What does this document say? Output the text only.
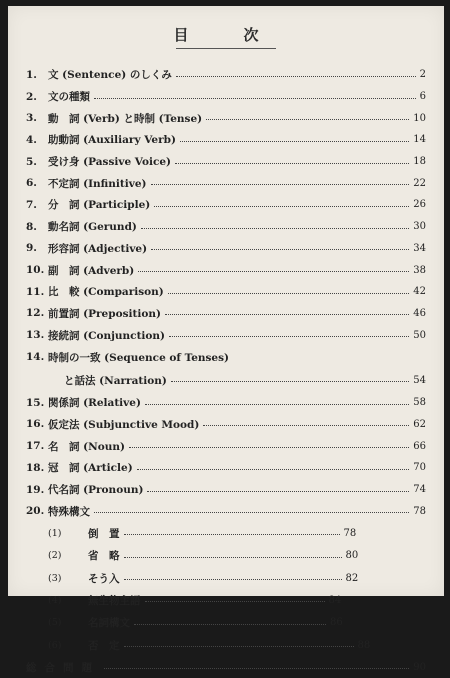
目　次
1.	文 (Sentence) のしくみ	2
2.	文の種類	6
3.	動　詞 (Verb) と時制 (Tense)	10
4.	助動詞 (Auxiliary Verb)	14
5.	受け身 (Passive Voice)	18
6.	不定詞 (Infinitive)	22
7.	分　詞 (Participle)	26
8.	動名詞 (Gerund)	30
9.	形容詞 (Adjective)	34
10. 副　詞 (Adverb)	38
11. 比　較 (Comparison)	42
12. 前置詞 (Preposition)	46
13. 接続詞 (Conjunction)	50
14. 時制の一致 (Sequence of Tenses)
と話法 (Narration)	54
15. 関係詞 (Relative)	58
16. 仮定法 (Subjunctive Mood)	62
17. 名　詞 (Noun)	66
18. 冠　詞 (Article)	70
19. 代名詞 (Pronoun)	74
20. 特殊構文	78
(1)	倒　置	78
(2)	省　略	80
(3)	そう入	82
(4)	無生物主語	84
(5)	名詞構文	86
(6)	否　定	88
総合問題	90
